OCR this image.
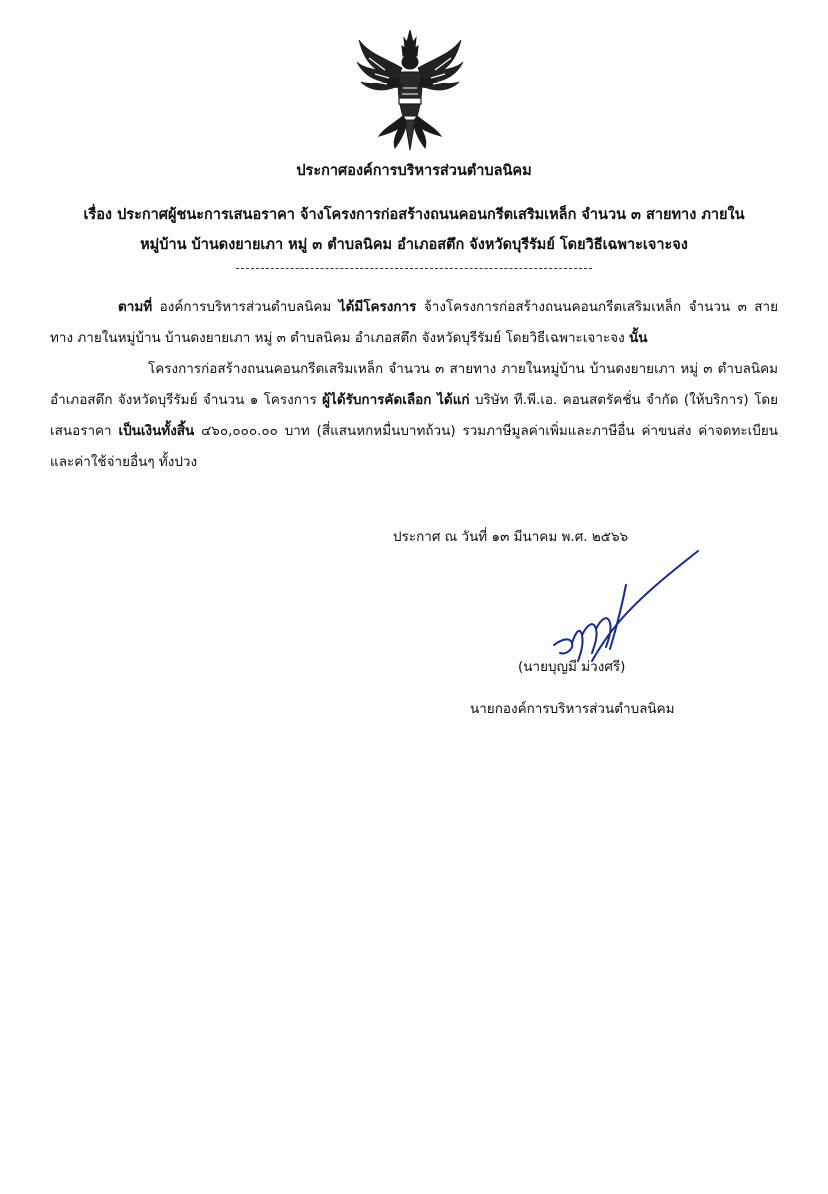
ประกาศองค์การบริหารส่วนตำบลนิคม
เรื่อง ประกาศผู้ชนะการเสนอราคา จ้างโครงการก่อสร้างถนนคอนกรีตเสริมเหล็ก จำนวน ๓ สายทาง ภายใน
หมู่บ้าน บ้านดงยายเภา หมู่ ๓ ตำบลนิคม อำเภอสตึก จังหวัดบุรีรัมย์ โดยวิธีเฉพาะเจาะจง

ตามที่ องค์การบริหารส่วนตำบลนิคม ได้มีโครงการ จ้างโครงการก่อสร้างถนนคอนกรีตเสริมเหล็ก จำนวน ๓ สายทาง ภายในหมู่บ้าน บ้านดงยายเภา หมู่ ๓ ตำบลนิคม อำเภอสตึก จังหวัดบุรีรัมย์ โดยวิธีเฉพาะเจาะจง นั้น

โครงการก่อสร้างถนนคอนกรีตเสริมเหล็ก จำนวน ๓ สายทาง ภายในหมู่บ้าน บ้านดงยายเภา หมู่ ๓ ตำบลนิคม อำเภอสตึก จังหวัดบุรีรัมย์ จำนวน ๑ โครงการ ผู้ได้รับการคัดเลือก ได้แก่ บริษัท ที.พี.เอ. คอนสตรัคชั่น จำกัด (ให้บริการ) โดยเสนอราคา เป็นเงินทั้งสิ้น ๔๖๐,๐๐๐.๐๐ บาท (สี่แสนหกหมื่นบาทถ้วน) รวมภาษีมูลค่าเพิ่มและภาษีอื่น ค่าขนส่ง ค่าจดทะเบียน และค่าใช้จ่ายอื่นๆ ทั้งปวง

ประกาศ ณ วันที่ ๑๓ มีนาคม พ.ศ. ๒๕๖๖
(นายบุญมี ม่วงศรี)
นายกองค์การบริหารส่วนตำบลนิคม
